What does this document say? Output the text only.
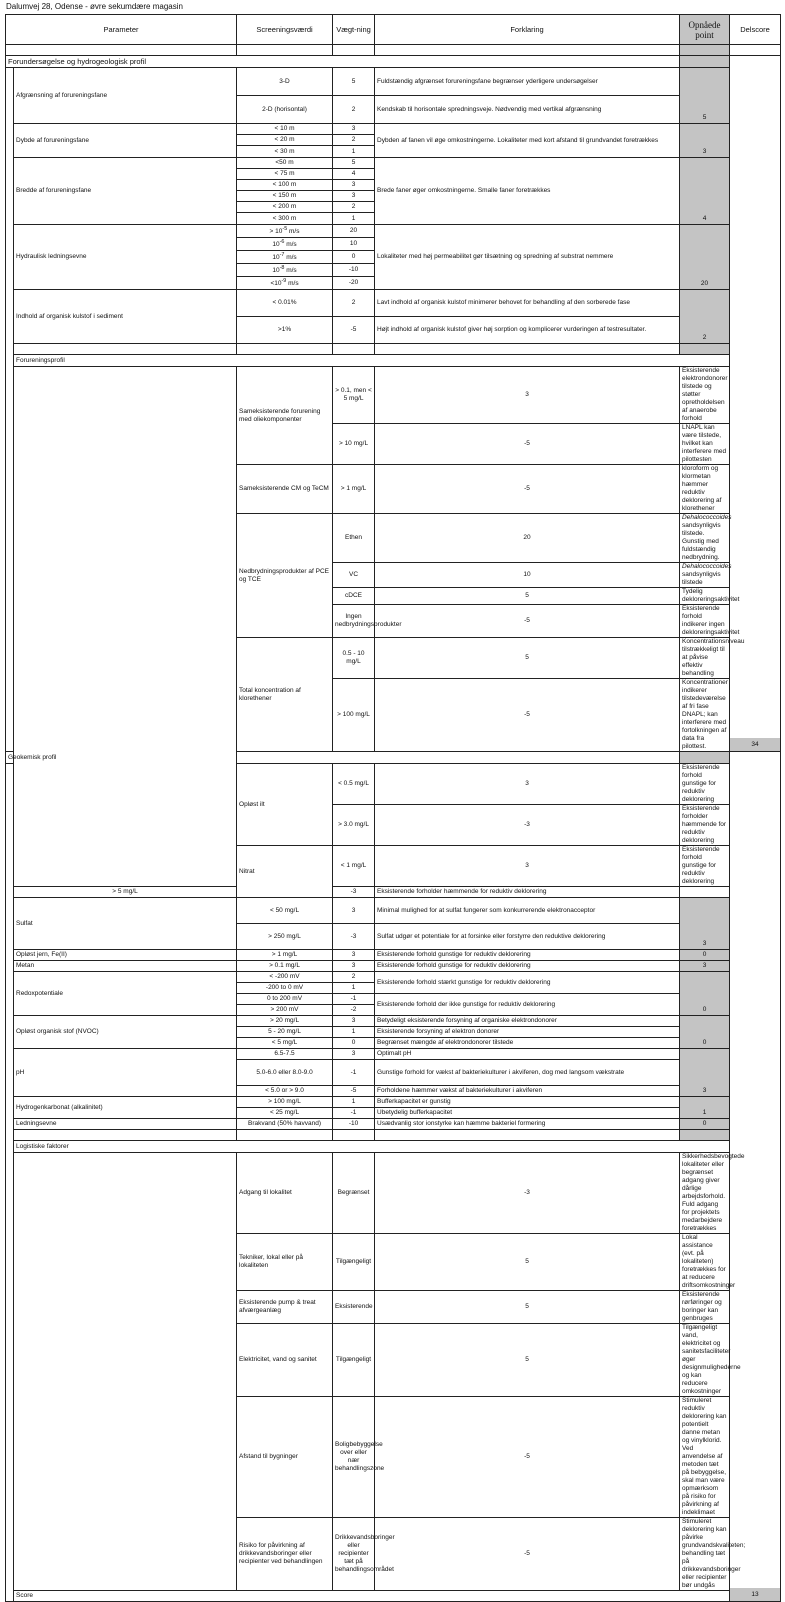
Dalumvej 28, Odense - øvre sekumdære magasin
Parameter		Screeningsværdi	Vægt-ning	Forklaring	Opnåede
point	Delscore	

Forundersøgelse og hydrogeologisk profil						34	

	Afgrænsning af forureningsfane	3-D	5	Fuldstændig afgrænset forureningsfane begrænser yderligere undersøgelser	5		
		2-D (horisontal)	2	Kendskab til horisontale spredningsveje. Nødvendig med vertikal afgrænsning			
	Dybde af forureningsfane	< 10 m	3	Dybden af fanen vil øge omkostningerne. Lokaliteter med kort afstand til grundvandet foretrækkes	3		
		< 20 m	2				
		< 30 m	1				
	Bredde af forureningsfane	<50 m	5	Brede faner øger omkostningerne. Smalle faner foretrækkes	4		
		< 75 m	4				
		< 100 m	3				
		< 150 m	3				
		< 200 m	2				
		< 300 m	1				
	Hydraulisk ledningsevne	> $10^{-5}$ m/s	20	Lokaliteter med høj permeabilitet gør tilsætning og spredning af substrat nemmere	20		
		$10^{-6}$ m/s	10				
		$10^{-7}$ m/s	0				
		$10^{-8}$ m/s	-10				
		$<10^{-9}$ m/s	-20				
	Indhold af organisk kulstof i sediment	< 0.01%	2	Lavt indhold af organisk kulstof minimerer behovet for behandling af den sorberede fase	2		
		>1%	-5	Højt indhold af organisk kulstof giver høj sorption og komplicerer vurderingen af testresultater.			

	Forureningsprofil		

		Sameksisterende forurening med oliekomponenter	> 0.1, men < 5 mg/L	3	Eksisterende elektrondonorer tilstede og støtter opretholdelsen af anaerobe forhold	
			> 10 mg/L	-5	LNAPL kan være tilstede, hvilket kan interferere med pilottesten		
		Sameksisterende CM og TeCM	> 1 mg/L	-5	kloroform og klormetan hæmmer reduktiv deklorering af klorethener	
		Nedbrydningsprodukter af PCE og TCE	Ethen	20	Dehalococcoides sandsynligvis tilstede. Gunstig med fuldstændig nedbrydning.	
			VC	10	Dehalococcoides sandsynligvis tilstede	
			cDCE	5	Tydelig dekloreringsaktivitet	
			Ingen nedbrydningsprodukter	-5	Eksisterende forhold indikerer ingen dekloreringsaktivitet	
		Total koncentration af klorethener	0.5 - 10 mg/L	5	Koncentrationsniveau tilstrækkeligt til at påvise effektiv behandling	
			> 100 mg/L	-5	Koncentrationer indikerer tilstedeværelse af fri fase DNAPL; kan interferere med fortolkningen af data fra pilottest.		
Geokemisk profil						13	

		Opløst ilt	< 0.5 mg/L	3	Eksisterende forhold gunstige for reduktiv deklorering	
			> 3.0 mg/L	-3	Eksisterende forholder hæmmende for reduktiv deklorering		
		Nitrat	< 1 mg/L	3	Eksisterende forhold gunstige for reduktiv deklorering	
	> 5 mg/L		-3	Eksisterende forholder hæmmende for reduktiv deklorering			
	Sulfat	< 50 mg/L	3	Minimal mulighed for at sulfat fungerer som konkurrerende elektronacceptor	3		
		> 250 mg/L	-3	Sulfat udgør et potentiale for at forsinke eller forstyrre den reduktive deklorering			
	Opløst jern, Fe(II)	> 1 mg/L	3	Eksisterende forhold gunstige for reduktiv deklorering	0		
	Metan	> 0.1 mg/L	3	Eksisterende forhold gunstige for reduktiv deklorering	3		
	Redoxpotentiale	< -200 mV	2	Eksisterende forhold stærkt gunstige for reduktiv deklorering	0		
		-200 to 0 mV	1				
		0 to 200 mV	-1	Eksisterende forhold der ikke gunstige for reduktiv deklorering			
		> 200 mV	-2				
	Opløst organisk stof (NVOC)	> 20 mg/L	3	Betydeligt eksisterende forsyning af organiske elektrondonorer	0		
		5 - 20 mg/L	1	Eksisterende forsyning af elektron donorer			
		< 5 mg/L	0	Begrænset mængde af elektrondonorer tilstede			
	pH	6.5-7.5	3	Optimalt pH	3		
		5.0-6.0 eller 8.0-9.0	-1	Gunstige forhold for vækst af bakteriekulturer i akviferen, dog med langsom vækstrate			
		< 5.0 or > 9.0	-5	Forholdene hæmmer vækst af bakteriekulturer i akviferen			
	Hydrogenkarbonat (alkalinitet)	> 100 mg/L	1	Bufferkapacitet er gunstig	1		
		< 25 mg/L	-1	Ubetydelig bufferkapacitet			
	Ledningsevne	Brakvand (50% havvand)	-10	Usædvanlig stor ionstyrke kan hæmme bakteriel formering	0		

	Logistiske faktorer		

		Adgang til lokalitet	Begrænset	-3	Sikkerhedsbevogtede lokaliteter eller begrænset adgang giver dårlige arbejdsforhold. Fuld adgang for projektets medarbejdere foretrækkes	
		Tekniker, lokal eller på lokaliteten	Tilgængeligt	5	Lokal assistance (evt. på lokaliteten) foretrækkes for at reducere driftsomkostninger	
		Eksisterende pump & treat afværgeanlæg	Eksisterende	5	Eksisterende rørføringer og boringer kan genbruges	
		Elektricitet, vand og sanitet	Tilgængeligt	5	Tilgængeligt vand, elektricitet og sanitetsfaciliteter øger designmulighederne og kan reducere omkostninger	
		Afstand til bygninger	Boligbebyggelse over eller nær behandlingszone	-5	Stimuleret reduktiv deklorering kan potentielt danne metan og vinylklorid. Ved anvendelse af metoden tæt på bebyggelse, skal man være opmærksom på risiko for påvirkning af indeklimaet	
		Risiko for påvirkning af drikkevandsboringer eller recipienter ved behandlingen	Drikkevandsboringer eller recipienter tæt på behandlingsområdet	-5	Stimuleret deklorering kan påvirke grundvandskvaliteten; behandling tæt på drikkevandsboringer eller recipienter bør undgås	
	Score		
